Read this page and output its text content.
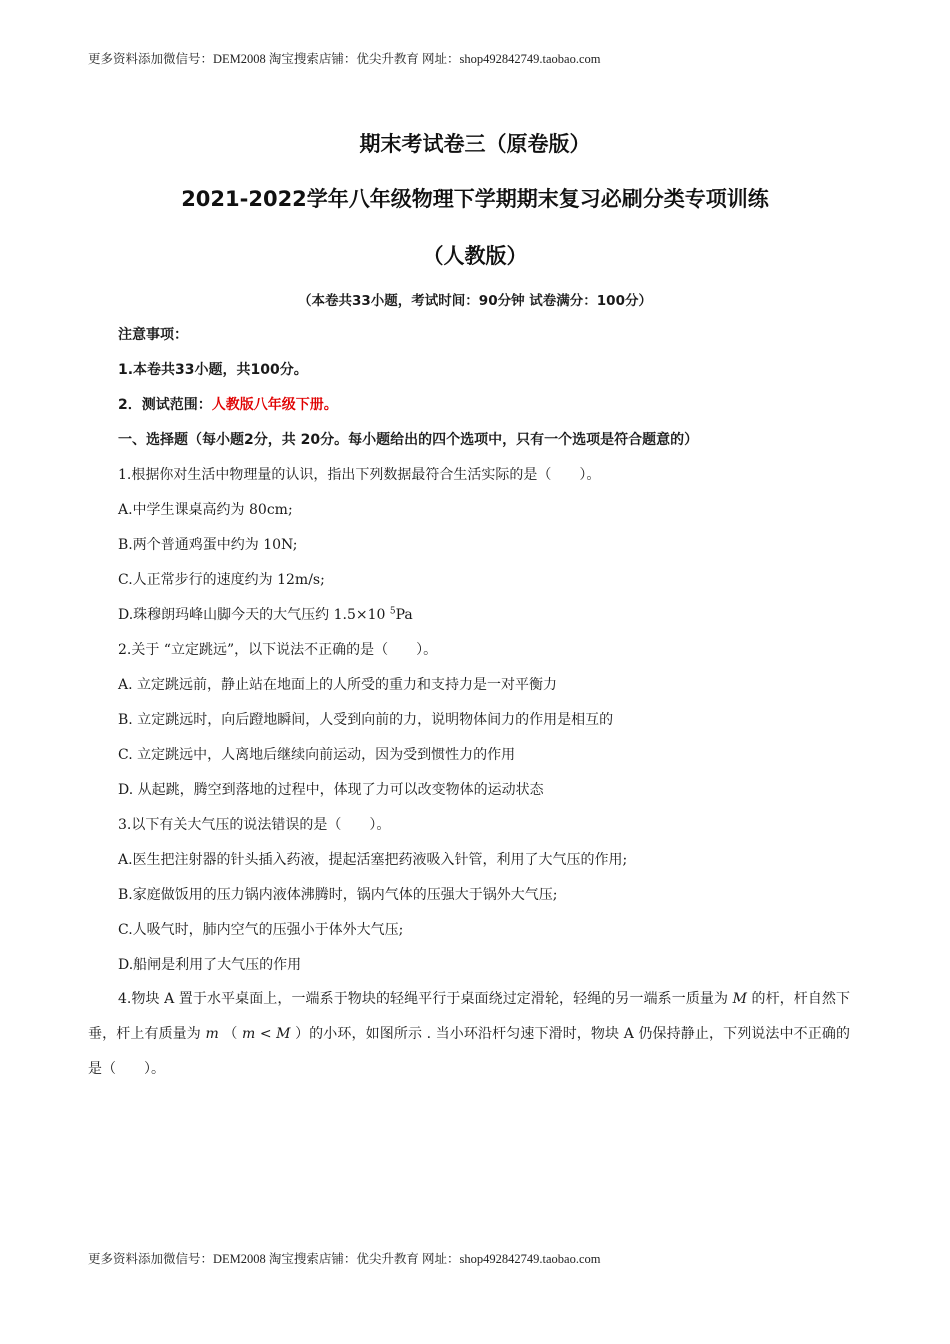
更多资料添加微信号：DEM2008 淘宝搜索店铺：优尖升教育 网址：shop492842749.taobao.com
期末考试卷三（原卷版）
2021-2022学年八年级物理下学期期末复习必刷分类专项训练
（人教版）
（本卷共33小题，考试时间：90分钟 试卷满分：100分）
注意事项：
1.本卷共33小题，共100分。
2．测试范围：人教版八年级下册。
一、选择题（每小题2分，共 20分。每小题给出的四个选项中，只有一个选项是符合题意的）
1.根据你对生活中物理量的认识，指出下列数据最符合生活实际的是（　　）。
A.中学生课桌高约为 80cm;
B.两个普通鸡蛋中约为 10N;
C.人正常步行的速度约为 12m/s;
D.珠穆朗玛峰山脚今天的大气压约 1.5×10 $^5$Pa
2.关于 “立定跳远”，以下说法不正确的是（　　）。
A. 立定跳远前，静止站在地面上的人所受的重力和支持力是一对平衡力
B. 立定跳远时，向后蹬地瞬间，人受到向前的力，说明物体间力的作用是相互的
C. 立定跳远中，人离地后继续向前运动，因为受到惯性力的作用
D. 从起跳，腾空到落地的过程中，体现了力可以改变物体的运动状态
3.以下有关大气压的说法错误的是（　　）。
A.医生把注射器的针头插入药液，提起活塞把药液吸入针管，利用了大气压的作用;
B.家庭做饭用的压力锅内液体沸腾时，锅内气体的压强大于锅外大气压;
C.人吸气时，肺内空气的压强小于体外大气压;
D.船闸是利用了大气压的作用
4.物块 A 置于水平桌面上，一端系于物块的轻绳平行于桌面绕过定滑轮，轻绳的另一端系一质量为 M 的杆，杆自然下垂，杆上有质量为 m （ m < M ）的小环，如图所示 . 当小环沿杆匀速下滑时，物块 A 仍保持静止，下列说法中不正确的是（　　）。
更多资料添加微信号：DEM2008 淘宝搜索店铺：优尖升教育 网址：shop492842749.taobao.com
